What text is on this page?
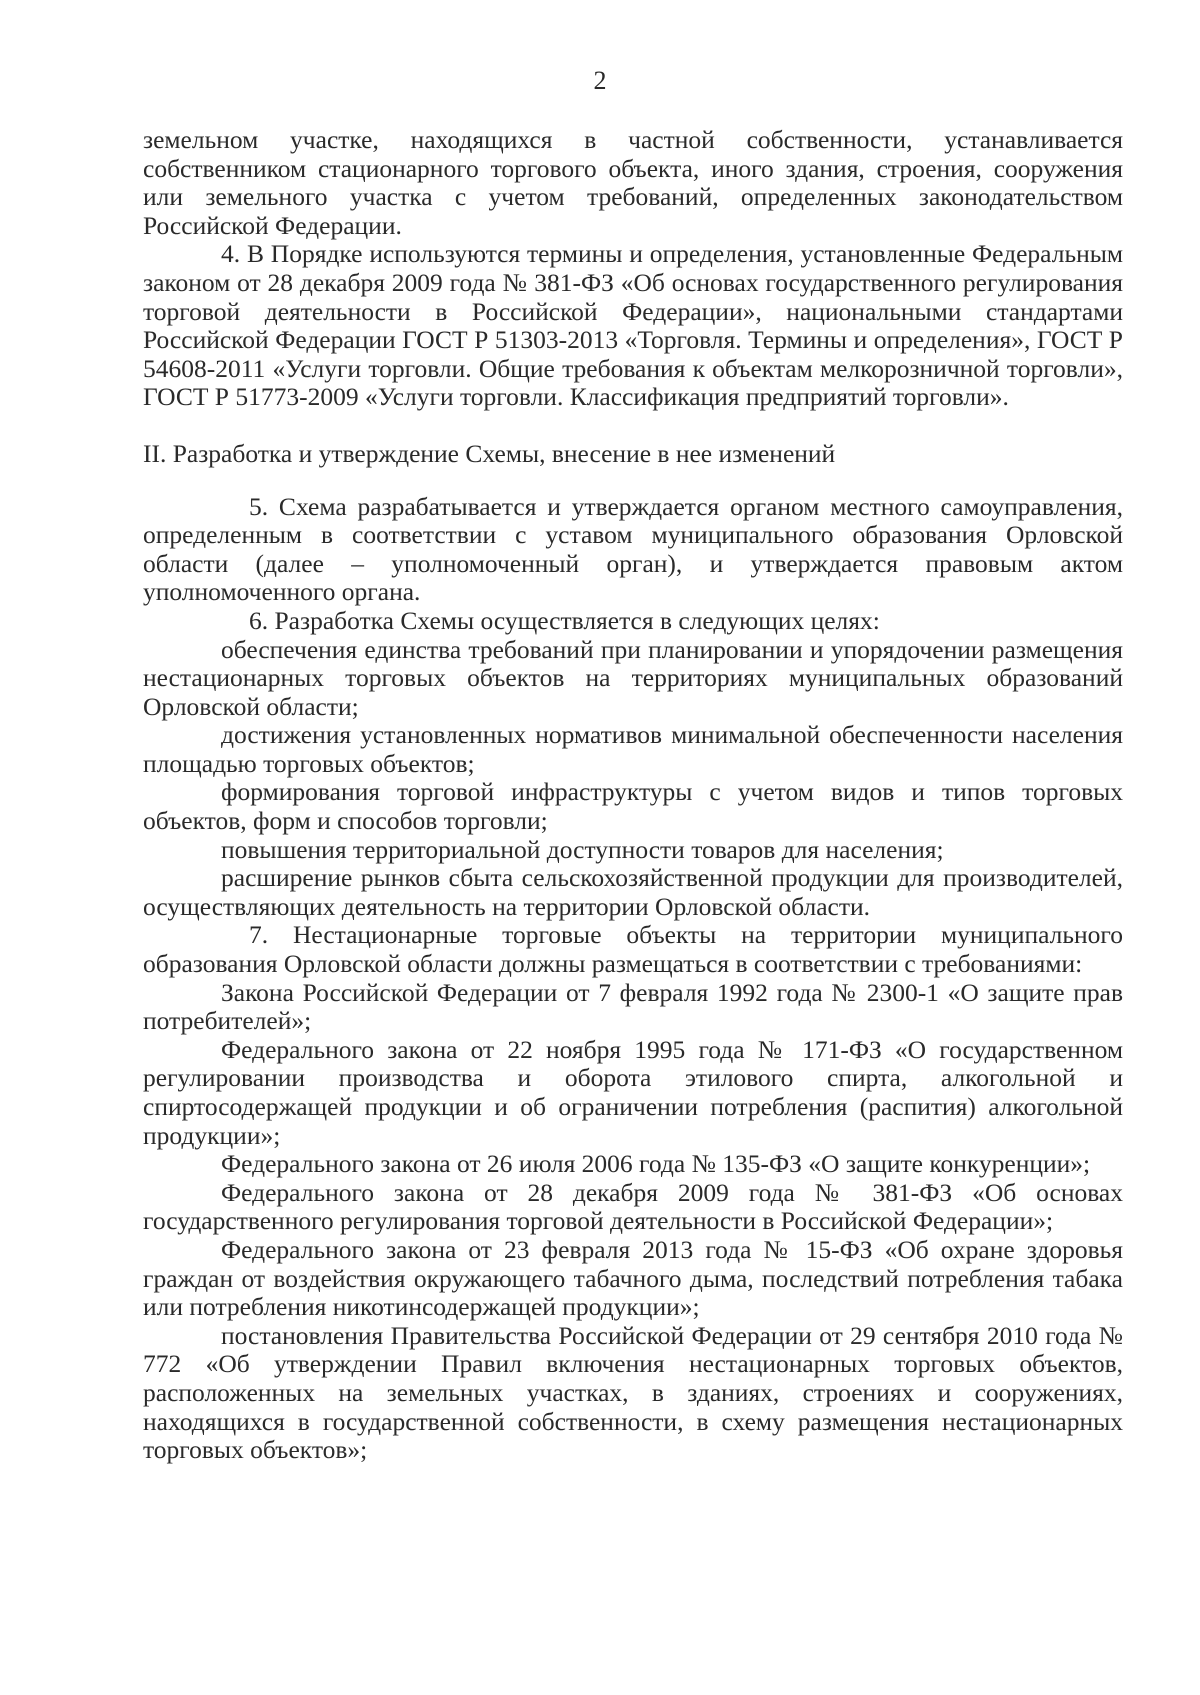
2

земельном участке, находящихся в частной собственности, устанавливается собственником стационарного торгового объекта, иного здания, строения, сооружения или земельного участка с учетом требований, определенных законодательством Российской Федерации.

4. В Порядке используются термины и определения, установленные Федеральным законом от 28 декабря 2009 года № 381-ФЗ «Об основах государственного регулирования торговой деятельности в Российской Федерации», национальными стандартами Российской Федерации ГОСТ Р 51303-2013 «Торговля. Термины и определения», ГОСТ Р 54608-2011 «Услуги торговли. Общие требования к объектам мелкорозничной торговли», ГОСТ Р 51773-2009 «Услуги торговли. Классификация предприятий торговли».

II. Разработка и утверждение Схемы, внесение в нее изменений

5. Схема разрабатывается и утверждается органом местного самоуправления, определенным в соответствии с уставом муниципального образования Орловской области (далее – уполномоченный орган), и утверждается правовым актом уполномоченного органа.

6. Разработка Схемы осуществляется в следующих целях:

обеспечения единства требований при планировании и упорядочении размещения нестационарных торговых объектов на территориях муниципальных образований Орловской области;

достижения установленных нормативов минимальной обеспеченности населения площадью торговых объектов;

формирования торговой инфраструктуры с учетом видов и типов торговых объектов, форм и способов торговли;

повышения территориальной доступности товаров для населения;

расширение рынков сбыта сельскохозяйственной продукции для производителей, осуществляющих деятельность на территории Орловской области.

7. Нестационарные торговые объекты на территории муниципального образования Орловской области должны размещаться в соответствии с требованиями:

Закона Российской Федерации от 7 февраля 1992 года № 2300-1 «О защите прав потребителей»;

Федерального закона от 22 ноября 1995 года № 171-ФЗ «О государственном регулировании производства и оборота этилового спирта, алкогольной и спиртосодержащей продукции и об ограничении потребления (распития) алкогольной продукции»;

Федерального закона от 26 июля 2006 года № 135-ФЗ «О защите конкуренции»;

Федерального закона от 28 декабря 2009 года № 381-ФЗ «Об основах государственного регулирования торговой деятельности в Российской Федерации»;

Федерального закона от 23 февраля 2013 года № 15-ФЗ «Об охране здоровья граждан от воздействия окружающего табачного дыма, последствий потребления табака или потребления никотинсодержащей продукции»;

постановления Правительства Российской Федерации от 29 сентября 2010 года № 772 «Об утверждении Правил включения нестационарных торговых объектов, расположенных на земельных участках, в зданиях, строениях и сооружениях, находящихся в государственной собственности, в схему размещения нестационарных торговых объектов»;
